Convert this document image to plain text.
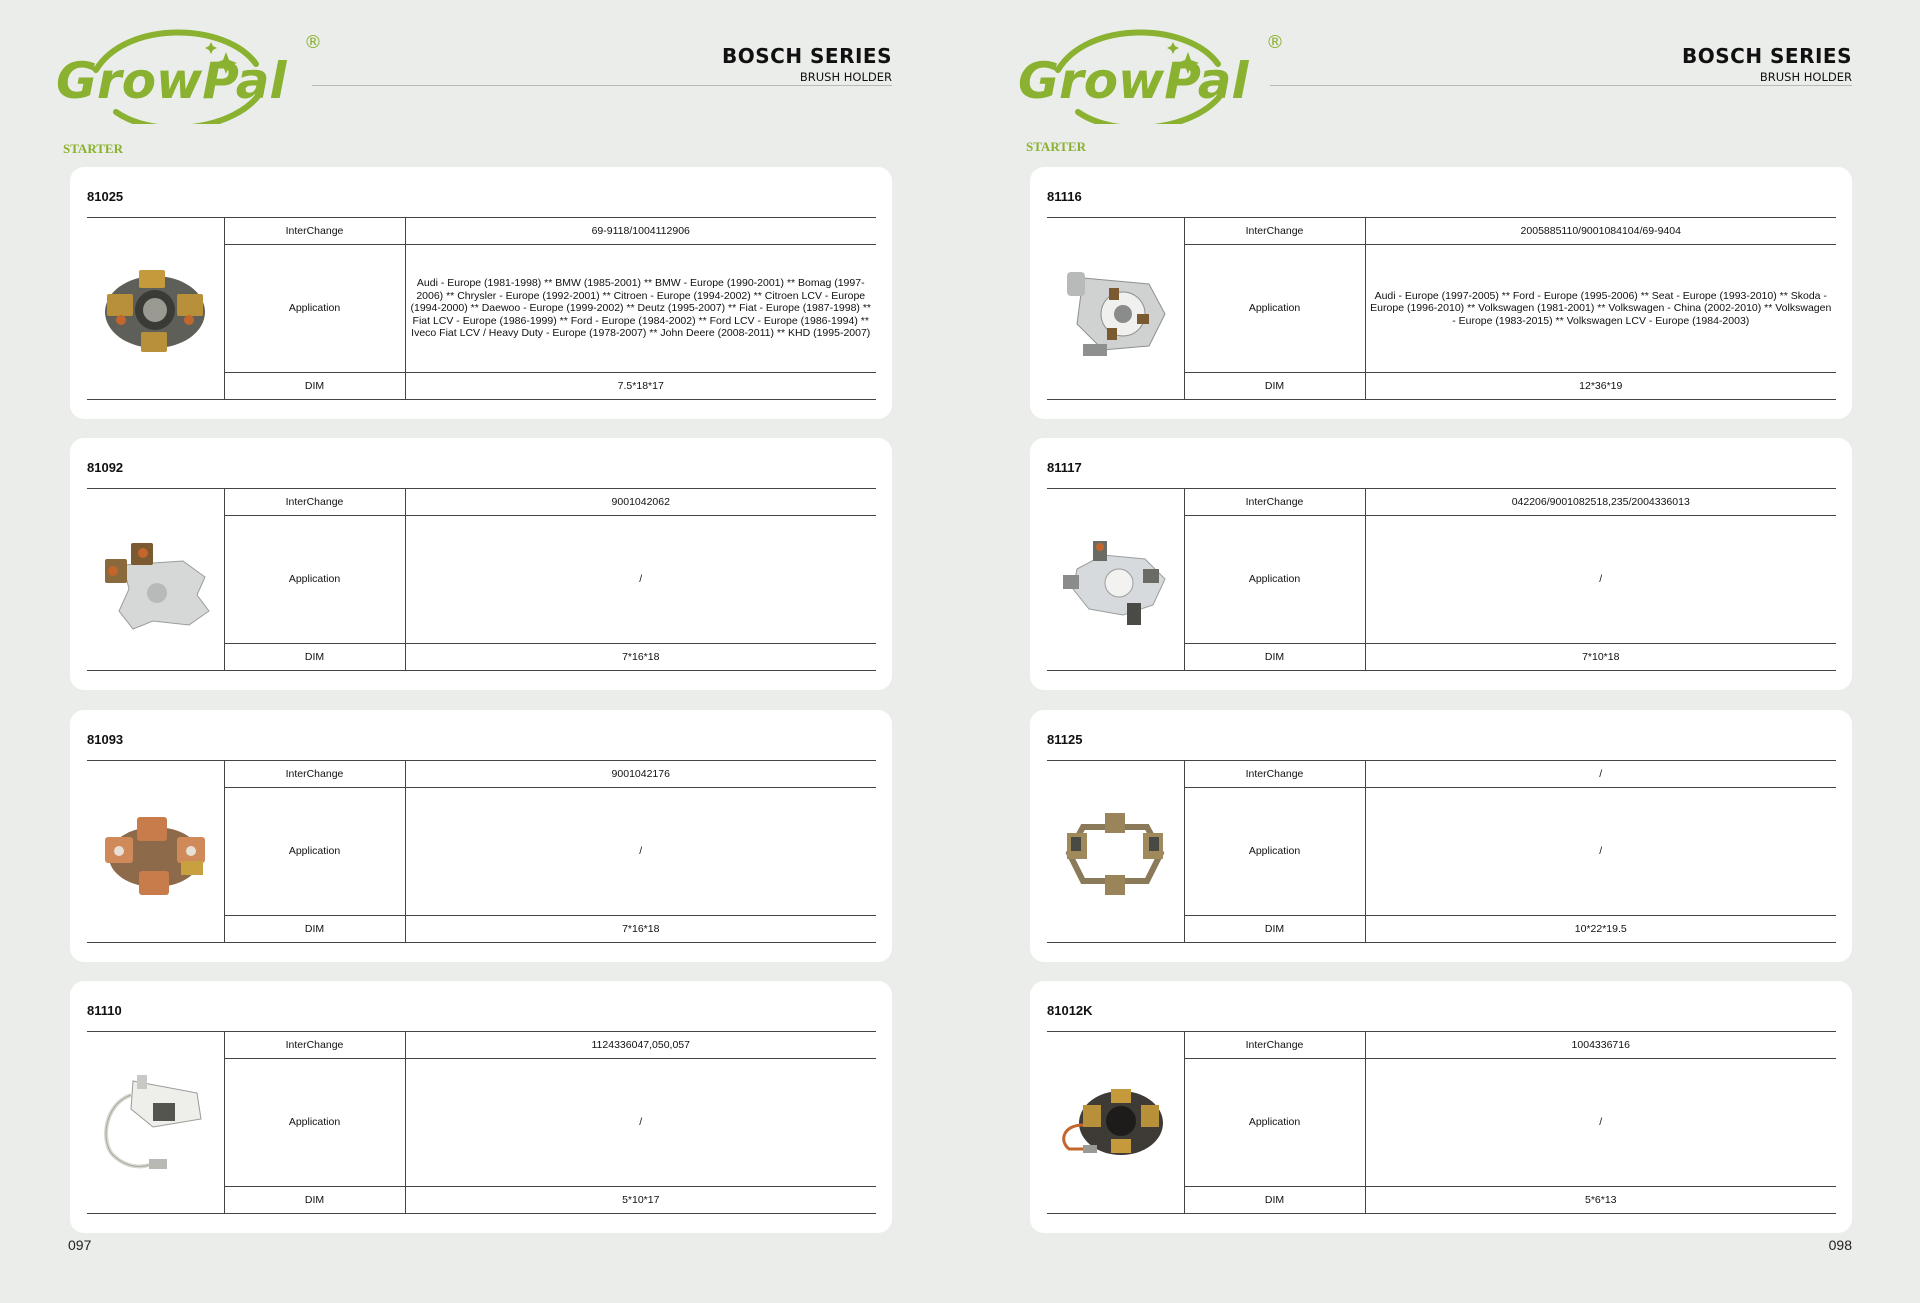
GrowPal
®
BOSCH SERIES
BRUSH HOLDER
STARTER
81025
	InterChange	69-9118/1004112906
	Application	Audi - Europe (1981-1998) ** BMW (1985-2001) ** BMW - Europe (1990-2001) ** Bomag (1997-2006) ** Chrysler - Europe (1992-2001) ** Citroen - Europe (1994-2002) ** Citroen LCV - Europe (1994-2000) ** Daewoo - Europe (1999-2002) ** Deutz (1995-2007) ** Fiat - Europe (1987-1998) ** Fiat LCV - Europe (1986-1999) ** Ford - Europe (1984-2002) ** Ford LCV - Europe (1986-1994) ** Iveco Fiat LCV / Heavy Duty - Europe (1978-2007) ** John Deere (2008-2011) ** KHD (1995-2007)
	DIM	7.5*18*17
81092
	InterChange	9001042062
	Application	/
	DIM	7*16*18
81093
	InterChange	9001042176
	Application	/
	DIM	7*16*18
81110
	InterChange	1124336047,050,057
	Application	/
	DIM	5*10*17
097
GrowPal
®
BOSCH SERIES
BRUSH HOLDER
STARTER
81116
	InterChange	2005885110/9001084104/69-9404
	Application	Audi - Europe (1997-2005) ** Ford - Europe (1995-2006) ** Seat - Europe (1993-2010) ** Skoda - Europe (1996-2010) ** Volkswagen (1981-2001) ** Volkswagen - China (2002-2010) ** Volkswagen - Europe (1983-2015) ** Volkswagen LCV - Europe (1984-2003)
	DIM	12*36*19
81117
	InterChange	042206/9001082518,235/2004336013
	Application	/
	DIM	7*10*18
81125
	InterChange	/
	Application	/
	DIM	10*22*19.5
81012K
	InterChange	1004336716
	Application	/
	DIM	5*6*13
098
